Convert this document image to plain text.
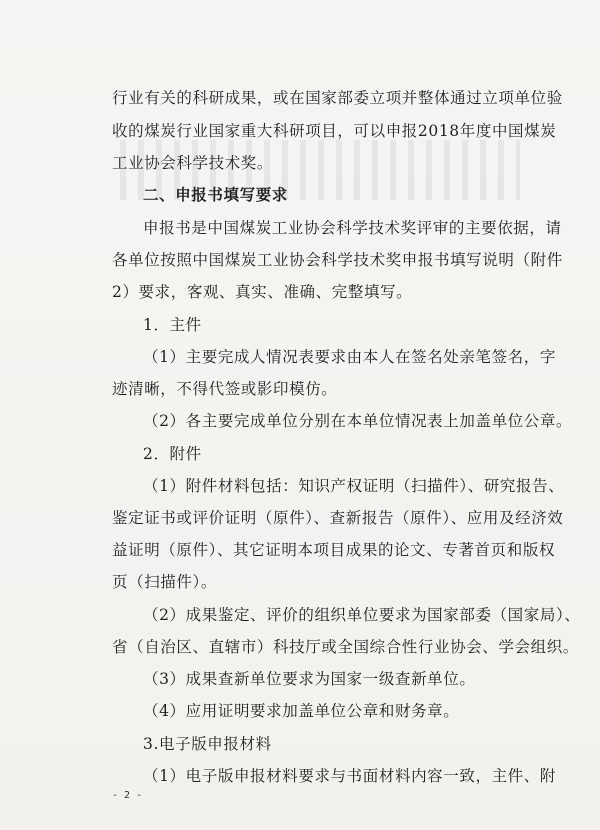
行业有关的科研成果，或在国家部委立项并整体通过立项单位验
收的煤炭行业国家重大科研项目，可以申报2018年度中国煤炭
工业协会科学技术奖。
二、申报书填写要求
申报书是中国煤炭工业协会科学技术奖评审的主要依据，请
各单位按照中国煤炭工业协会科学技术奖申报书填写说明（附件
2）要求，客观、真实、准确、完整填写。
1．主件
（1）主要完成人情况表要求由本人在签名处亲笔签名，字
迹清晰，不得代签或影印模仿。
（2）各主要完成单位分别在本单位情况表上加盖单位公章。
2．附件
（1）附件材料包括：知识产权证明（扫描件）、研究报告、
鉴定证书或评价证明（原件）、查新报告（原件）、应用及经济效
益证明（原件）、其它证明本项目成果的论文、专著首页和版权
页（扫描件）。
（2）成果鉴定、评价的组织单位要求为国家部委（国家局）、
省（自治区、直辖市）科技厅或全国综合性行业协会、学会组织。
（3）成果查新单位要求为国家一级查新单位。
（4）应用证明要求加盖单位公章和财务章。
3.电子版申报材料
（1）电子版申报材料要求与书面材料内容一致，主件、附
- 2 -
